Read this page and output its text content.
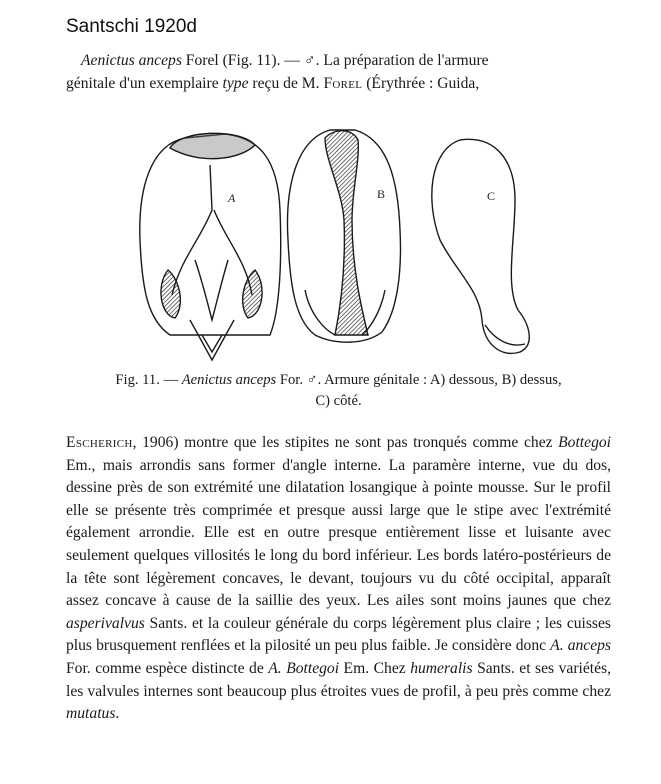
Santschi 1920d

Aenictus anceps Forel (Fig. 11). — ♂. La préparation de l'armure

génitale d'un exemplaire type reçu de M. Forel (Érythrée : Guida,

A	B	C

Fig. 11. — Aenictus anceps For. ♂. Armure génitale : A) dessous, B) dessus,

C) côté.

Escherich, 1906) montre que les stipites ne sont pas tronqués comme chez Bottegoi Em., mais arrondis sans former d'angle interne. La paramère interne, vue du dos, dessine près de son extrémité une dilatation losangique à pointe mousse. Sur le profil elle se présente très comprimée et presque aussi large que le stipe avec l'extrémité également arrondie. Elle est en outre presque entièrement lisse et luisante avec seulement quelques villosités le long du bord inférieur. Les bords latéro-postérieurs de la tête sont légèrement concaves, le devant, toujours vu du côté occipital, apparaît assez concave à cause de la saillie des yeux. Les ailes sont moins jaunes que chez asperivalvus Sants. et la couleur générale du corps légèrement plus claire ; les cuisses plus brusquement renflées et la pilosité un peu plus faible. Je considère donc A. anceps For. comme espèce distincte de A. Bottegoi Em. Chez humeralis Sants. et ses variétés, les valvules internes sont beaucoup plus étroites vues de profil, à peu près comme chez mutatus.
